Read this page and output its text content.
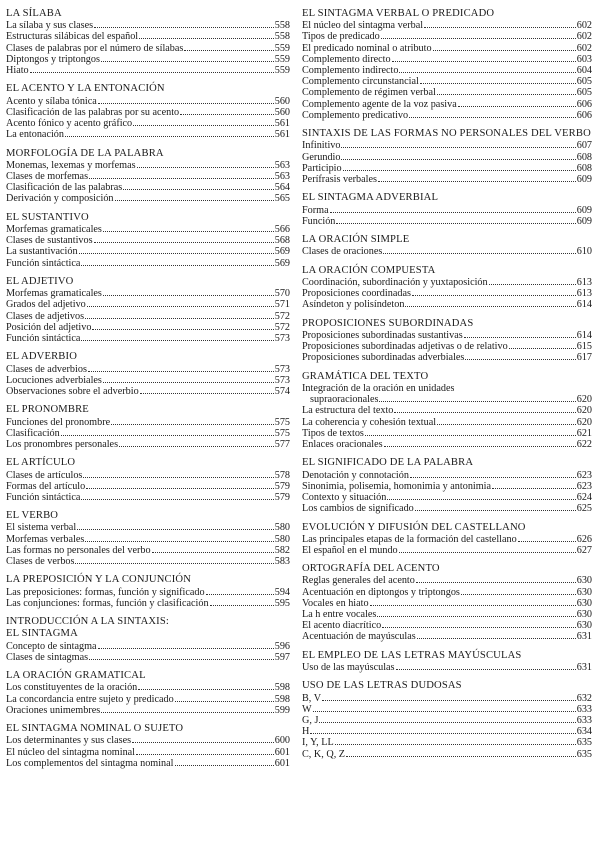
LA SÍLABA
La sílaba y sus clases	558
Estructuras silábicas del español	558
Clases de palabras por el número de sílabas	559
Diptongos y triptongos	559
Hiato	559
EL ACENTO Y LA ENTONACIÓN
Acento y sílaba tónica	560
Clasificación de las palabras por su acento	560
Acento fónico y acento gráfico	561
La entonación	561
MORFOLOGÍA DE LA PALABRA
Monemas, lexemas y morfemas	563
Clases de morfemas	563
Clasificación de las palabras	564
Derivación y composición	565
EL SUSTANTIVO
Morfemas gramaticales	566
Clases de sustantivos	568
La sustantivación	569
Función sintáctica	569
EL ADJETIVO
Morfemas gramaticales	570
Grados del adjetivo	571
Clases de adjetivos	572
Posición del adjetivo	572
Función sintáctica	573
EL ADVERBIO
Clases de adverbios	573
Locuciones adverbiales	573
Observaciones sobre el adverbio	574
EL PRONOMBRE
Funciones del pronombre	575
Clasificación	575
Los pronombres personales	577
EL ARTÍCULO
Clases de artículos	578
Formas del artículo	579
Función sintáctica	579
EL VERBO
El sistema verbal	580
Morfemas verbales	580
Las formas no personales del verbo	582
Clases de verbos	583
LA PREPOSICIÓN Y LA CONJUNCIÓN
Las preposiciones: formas, función y significado	594
Las conjunciones: formas, función y clasificación	595
INTRODUCCIÓN A LA SINTAXIS:
EL SINTAGMA
Concepto de sintagma	596
Clases de sintagmas	597
LA ORACIÓN GRAMATICAL
Los constituyentes de la oración	598
La concordancia entre sujeto y predicado	598
Oraciones unimembres	599
EL SINTAGMA NOMINAL O SUJETO
Los determinantes y sus clases	600
El núcleo del sintagma nominal	601
Los complementos del sintagma nominal	601
EL SINTAGMA VERBAL O PREDICADO
El núcleo del sintagma verbal	602
Tipos de predicado	602
El predicado nominal o atributo	602
Complemento directo	603
Complemento indirecto	604
Complemento circunstancial	605
Complemento de régimen verbal	605
Complemento agente de la voz pasiva	606
Complemento predicativo	606
SINTAXIS DE LAS FORMAS NO PERSONALES DEL VERBO
Infinitivo	607
Gerundio	608
Participio	608
Perífrasis verbales	609
EL SINTAGMA ADVERBIAL
Forma	609
Función	609
LA ORACIÓN SIMPLE
Clases de oraciones	610
LA ORACIÓN COMPUESTA
Coordinación, subordinación y yuxtaposición	613
Proposiciones coordinadas	613
Asíndeton y polisíndeton	614
PROPOSICIONES SUBORDINADAS
Proposiciones subordinadas sustantivas	614
Proposiciones subordinadas adjetivas o de relativo	615
Proposiciones subordinadas adverbiales	617
GRAMÁTICA DEL TEXTO
Integración de la oración en unidades
supraoracionales	620
La estructura del texto	620
La coherencia y cohesión textual	620
Tipos de textos	621
Enlaces oracionales	622
EL SIGNIFICADO DE LA PALABRA
Denotación y connotación	623
Sinonimia, polisemia, homonimia y antonimia	623
Contexto y situación	624
Los cambios de significado	625
EVOLUCIÓN Y DIFUSIÓN DEL CASTELLANO
Las principales etapas de la formación del castellano	626
El español en el mundo	627
ORTOGRAFÍA DEL ACENTO
Reglas generales del acento	630
Acentuación en diptongos y triptongos	630
Vocales en hiato	630
La h entre vocales	630
El acento diacrítico	630
Acentuación de mayúsculas	631
EL EMPLEO DE LAS LETRAS MAYÚSCULAS
Uso de las mayúsculas	631
USO DE LAS LETRAS DUDOSAS
B, V	632
W	633
G, J	633
H	634
I, Y, LL	635
C, K, Q, Z	635
